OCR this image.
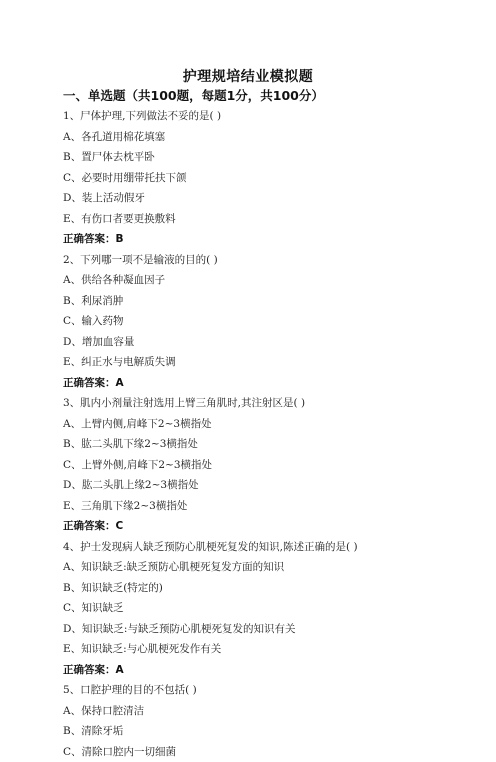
护理规培结业模拟题
一、单选题（共100题，每题1分，共100分）
1、尸体护理,下列做法不妥的是( )
A、各孔道用棉花填塞
B、置尸体去枕平卧
C、必要时用绷带托扶下颌
D、装上活动假牙
E、有伤口者要更换敷料
正确答案：B
2、下列哪一项不是输液的目的( )
A、供给各种凝血因子
B、利尿消肿
C、输入药物
D、增加血容量
E、纠正水与电解质失调
正确答案：A
3、肌内小剂量注射选用上臂三角肌时,其注射区是( )
A、上臂内侧,肩峰下2~3横指处
B、肱二头肌下缘2~3横指处
C、上臂外侧,肩峰下2~3横指处
D、肱二头肌上缘2~3横指处
E、三角肌下缘2~3横指处
正确答案：C
4、护士发现病人缺乏预防心肌梗死复发的知识,陈述正确的是( )
A、知识缺乏:缺乏预防心肌梗死复发方面的知识
B、知识缺乏(特定的)
C、知识缺乏
D、知识缺乏:与缺乏预防心肌梗死复发的知识有关
E、知识缺乏:与心肌梗死发作有关
正确答案：A
5、口腔护理的目的不包括( )
A、保持口腔清洁
B、清除牙垢
C、清除口腔内一切细菌
